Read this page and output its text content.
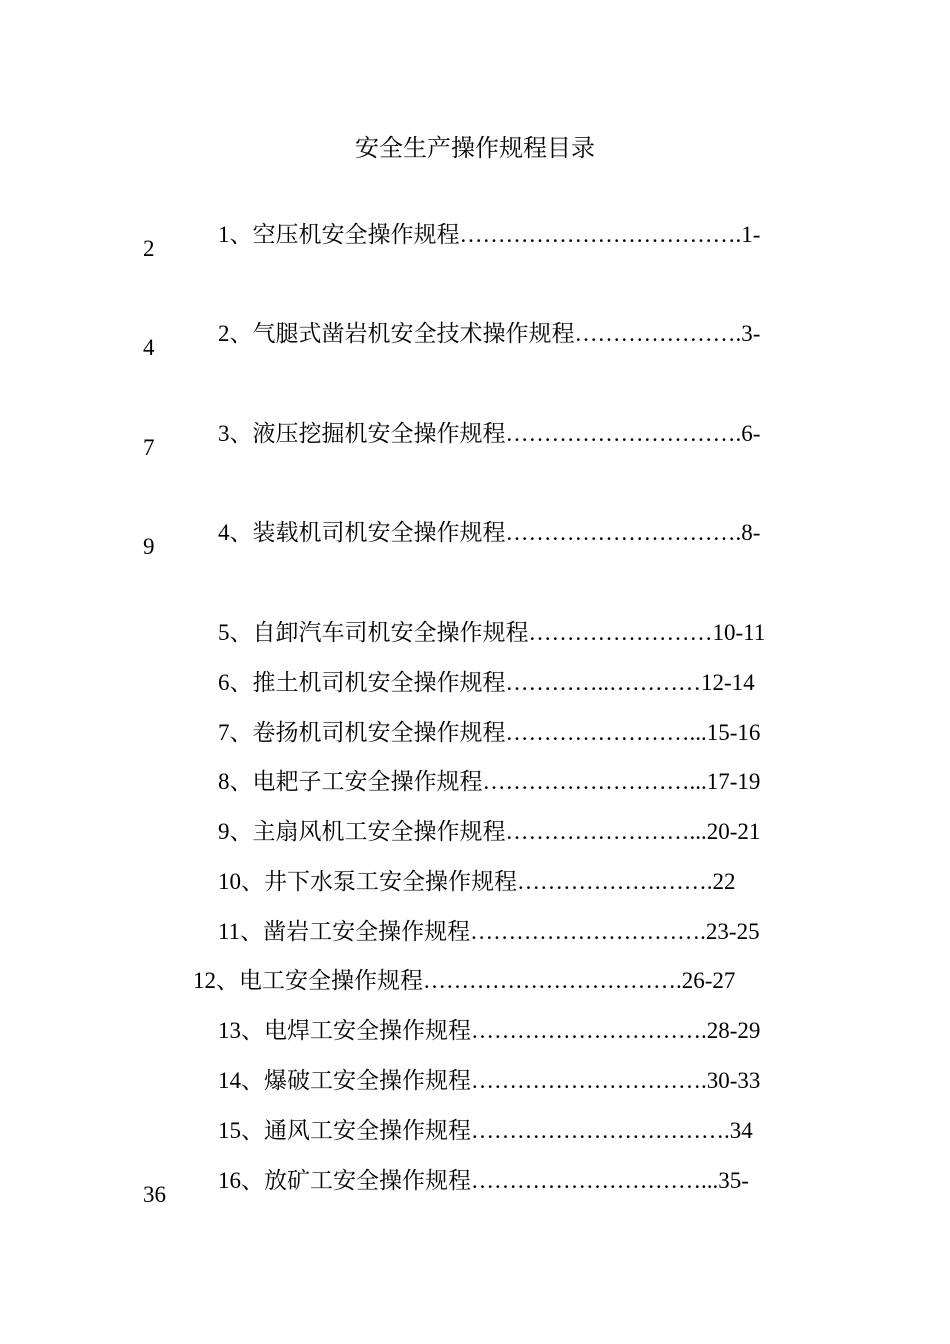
安全生产操作规程目录

1、空压机安全操作规程……………………………….1-

2

2、气腿式凿岩机安全技术操作规程………………….3-

4

3、液压挖掘机安全操作规程………………………….6-

7

4、装载机司机安全操作规程………………………….8-

9

5、自卸汽车司机安全操作规程……………………10-11

6、推土机司机安全操作规程…………..…………12-14

7、卷扬机司机安全操作规程……………………...15-16

8、电耙子工安全操作规程………………………...17-19

9、主扇风机工安全操作规程……………………...20-21

10、井下水泵工安全操作规程……………….…….22

11、凿岩工安全操作规程………………………….23-25

12、电工安全操作规程…………………………….26-27

13、电焊工安全操作规程………………………….28-29

14、爆破工安全操作规程………………………….30-33

15、通风工安全操作规程…………………………….34

16、放矿工安全操作规程…………………………...35-

36
